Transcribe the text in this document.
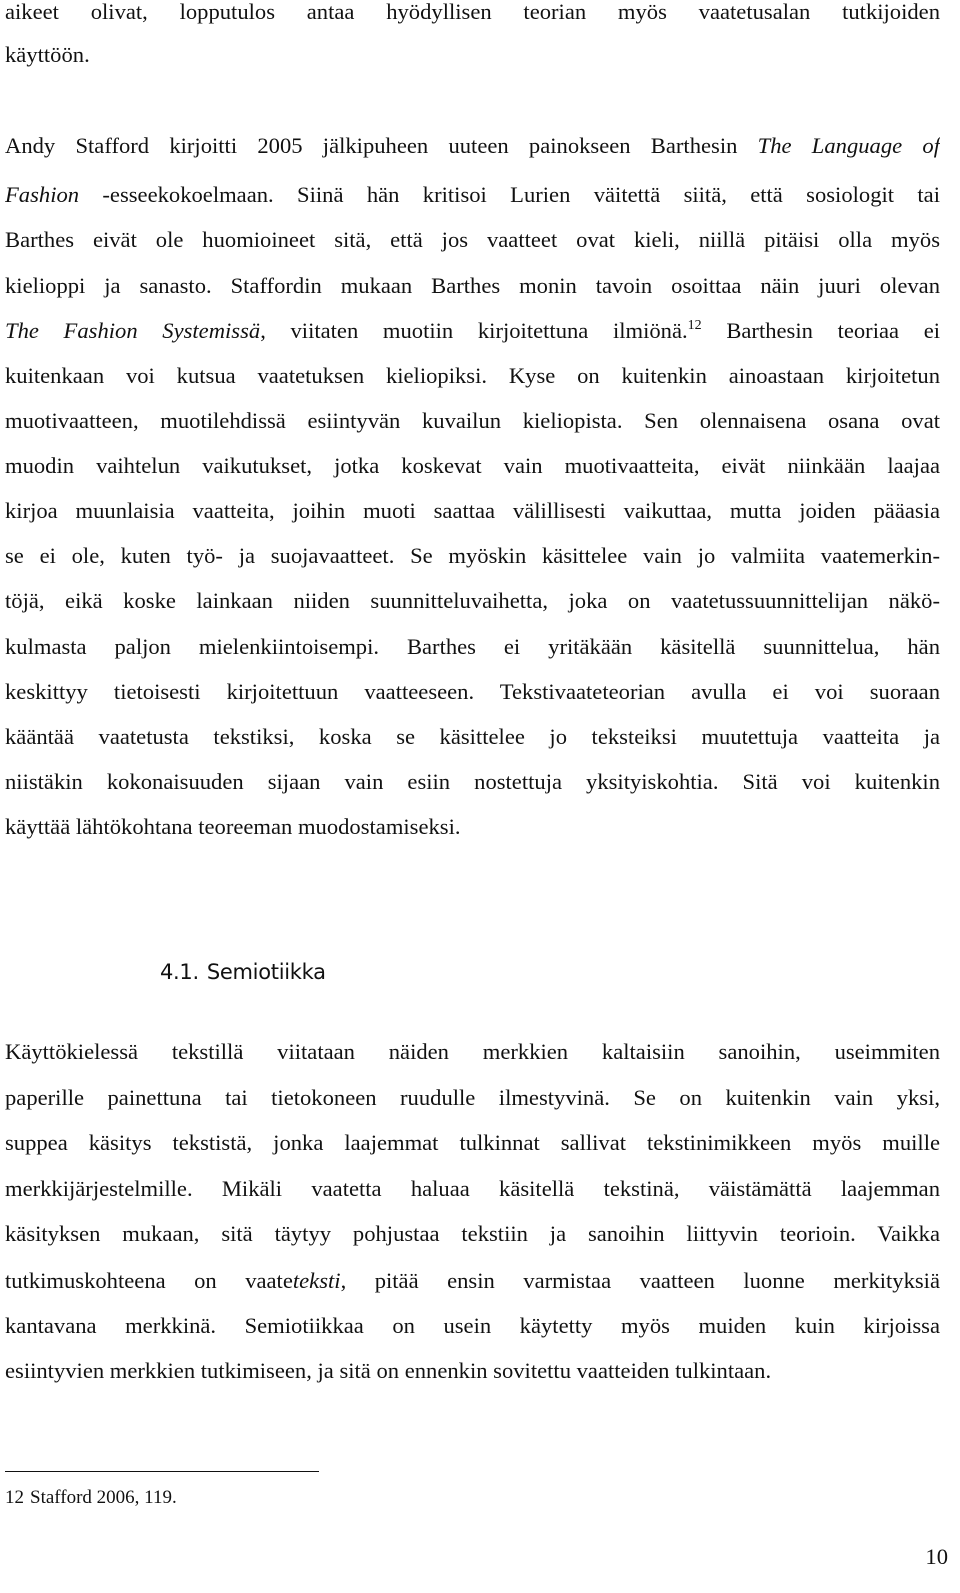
aikeet olivat, lopputulos antaa hyödyllisen teorian myös vaatetusalan tutkijoiden
käyttöön.
Andy Stafford kirjoitti 2005 jälkipuheen uuteen painokseen Barthesin The Language of
Fashion -esseekokoelmaan. Siinä hän kritisoi Lurien väitettä siitä, että sosiologit tai
Barthes eivät ole huomioineet sitä, että jos vaatteet ovat kieli, niillä pitäisi olla myös
kielioppi ja sanasto. Staffordin mukaan Barthes monin tavoin osoittaa näin juuri olevan
The Fashion Systemissä, viitaten muotiin kirjoitettuna ilmiönä.$^{12}$ Barthesin teoriaa ei
kuitenkaan voi kutsua vaatetuksen kieliopiksi. Kyse on kuitenkin ainoastaan kirjoitetun
muotivaatteen, muotilehdissä esiintyvän kuvailun kieliopista. Sen olennaisena osana ovat
muodin vaihtelun vaikutukset, jotka koskevat vain muotivaatteita, eivät niinkään laajaa
kirjoa muunlaisia vaatteita, joihin muoti saattaa välillisesti vaikuttaa, mutta joiden pääasia
se ei ole, kuten työ- ja suojavaatteet. Se myöskin käsittelee vain jo valmiita vaatemerkin-
töjä, eikä koske lainkaan niiden suunnitteluvaihetta, joka on vaatetussuunnittelijan näkö-
kulmasta paljon mielenkiintoisempi. Barthes ei yritäkään käsitellä suunnittelua, hän
keskittyy tietoisesti kirjoitettuun vaatteeseen. Tekstivaateteorian avulla ei voi suoraan
kääntää vaatetusta tekstiksi, koska se käsittelee jo teksteiksi muutettuja vaatteita ja
niistäkin kokonaisuuden sijaan vain esiin nostettuja yksityiskohtia. Sitä voi kuitenkin
käyttää lähtökohtana teoreeman muodostamiseksi.
4.1. Semiotiikka
Käyttökielessä tekstillä viitataan näiden merkkien kaltaisiin sanoihin, useimmiten
paperille painettuna tai tietokoneen ruudulle ilmestyvinä. Se on kuitenkin vain yksi,
suppea käsitys tekstistä, jonka laajemmat tulkinnat sallivat tekstinimikkeen myös muille
merkkijärjestelmille. Mikäli vaatetta haluaa käsitellä tekstinä, väistämättä laajemman
käsityksen mukaan, sitä täytyy pohjustaa tekstiin ja sanoihin liittyvin teorioin. Vaikka
tutkimuskohteena on vaateteksti, pitää ensin varmistaa vaatteen luonne merkityksiä
kantavana merkkinä. Semiotiikkaa on usein käytetty myös muiden kuin kirjoissa
esiintyvien merkkien tutkimiseen, ja sitä on ennenkin sovitettu vaatteiden tulkintaan.
12 Stafford 2006, 119.
10
